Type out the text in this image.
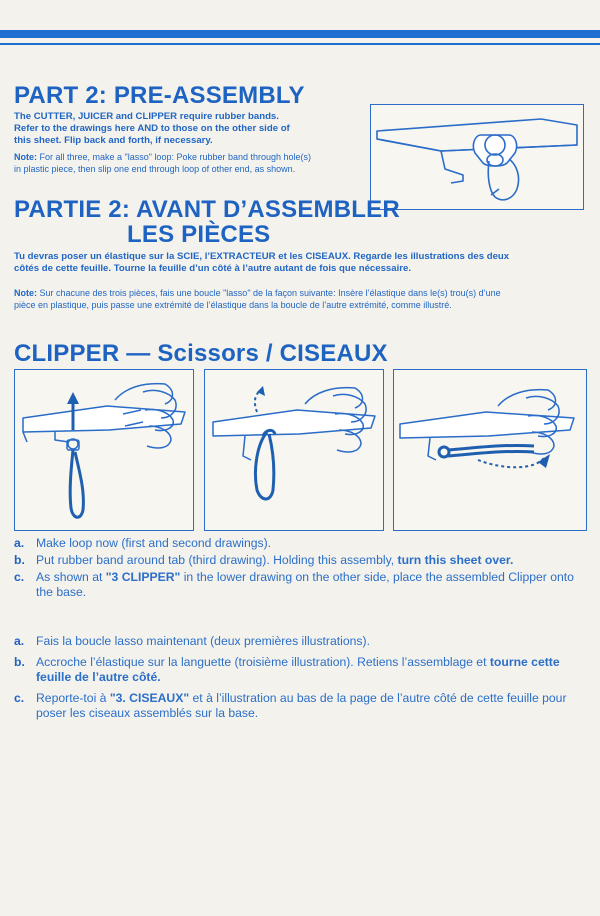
PART 2: PRE-ASSEMBLY

The CUTTER, JUICER and CLIPPER require rubber bands.
Refer to the drawings here AND to those on the other side of
this sheet. Flip back and forth, if necessary.

Note: For all three, make a "lasso" loop: Poke rubber band through hole(s)
in plastic piece, then slip one end through loop of other end, as shown.

PARTIE 2: AVANT D’ASSEMBLER
LES PIÈCES

Tu devras poser un élastique sur la SCIE, l’EXTRACTEUR et les CISEAUX. Regarde les illustrations des deux
côtés de cette feuille. Tourne la feuille d’un côté à l’autre autant de fois que nécessaire.

Note: Sur chacune des trois pièces, fais une boucle "lasso" de la façon suivante: Insère l’élastique dans le(s) trou(s) d’une
pièce en plastique, puis passe une extrémité de l’élastique dans la boucle de l’autre extrémité, comme illustré.

CLIPPER — Scissors / CISEAUX
a. Make loop now (first and second drawings).
b. Put rubber band around tab (third drawing). Holding this assembly, turn this sheet over.
c. As shown at "3 CLIPPER" in the lower drawing on the other side, place the assembled Clipper onto the base.
a. Fais la boucle lasso maintenant (deux premières illustrations).
b. Accroche l’élastique sur la languette (troisième illustration). Retiens l’assemblage et tourne cette feuille de l’autre côté.
c. Reporte-toi à "3. CISEAUX" et à l’illustration au bas de la page de l’autre côté de cette feuille pour poser les ciseaux assemblés sur la base.
